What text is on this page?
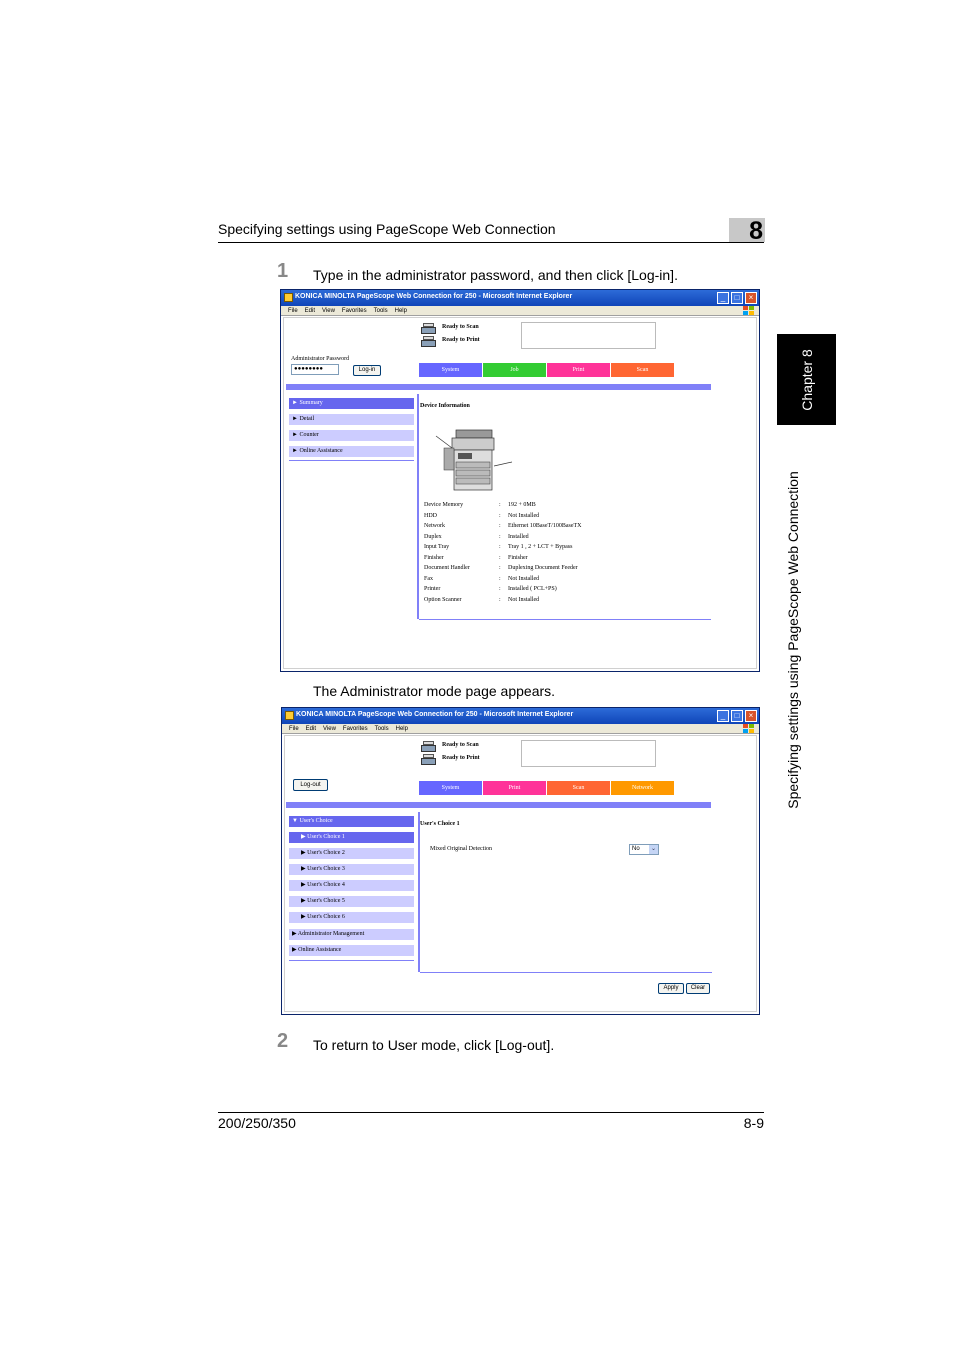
Specifying settings using PageScope Web Connection	8
Chapter 8
Specifying settings using PageScope Web Connection
1 Type in the administrator password, and then click [Log-in].
KONICA MINOLTA PageScope Web Connection for 250 - Microsoft Internet Explorer	_	□	×
File Edit View Favorites Tools Help
Ready to Scan
Ready to Print
Administrator Password
●●●●●●●●	Log-in	System	Job	Print	Scan
► Summary
► Detail
► Counter
► Online Assistance
Device Information
Device Memory	: 192 + 0MB
HDD	: Not Installed
Network	: Ethernet 10BaseT/100BaseTX
Duplex	: Installed
Input Tray	: Tray 1 , 2 + LCT + Bypass
Finisher	: Finisher
Document Handler	: Duplexing Document Feeder
Fax	: Not Installed
Printer	: Installed ( PCL+PS)
Option Scanner	: Not Installed
The Administrator mode page appears.
KONICA MINOLTA PageScope Web Connection for 250 - Microsoft Internet Explorer	_	□	×
File Edit View Favorites Tools Help
Ready to Scan
Ready to Print
Log-out	System	Print	Scan	Network
▼ User's Choice
▶ User's Choice 1
▶ User's Choice 2
▶ User's Choice 3
▶ User's Choice 4
▶ User's Choice 5
▶ User's Choice 6
▶ Administrator Management
▶ Online Assistance
User's Choice 1
Mixed Original Detection	No	⌄
Apply	Clear
2 To return to User mode, click [Log-out].
200/250/350	8-9
